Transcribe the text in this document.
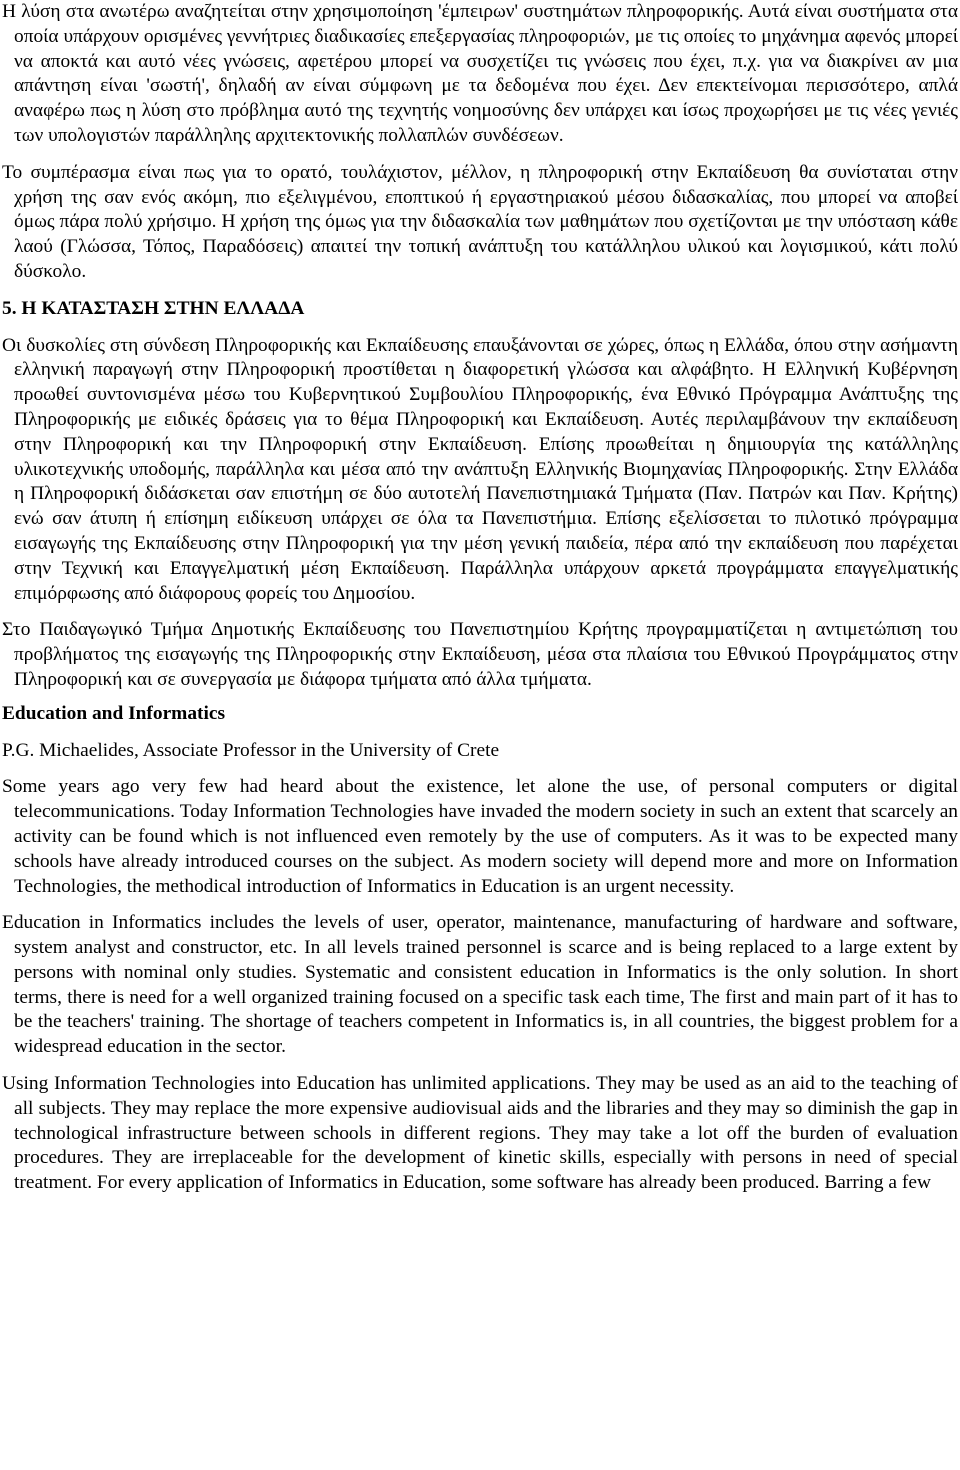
Η λύση στα ανωτέρω αναζητείται στην χρησιμοποίηση 'έμπειρων' συστημάτων πληροφορικής. Αυτά είναι συστήματα στα οποία υπάρχουν ορισμένες γεννήτριες διαδικασίες επεξεργασίας πληροφοριών, με τις οποίες το μηχάνημα αφενός μπορεί να αποκτά και αυτό νέες γνώσεις, αφετέρου μπορεί να συσχετίζει τις γνώσεις που έχει, π.χ. για να διακρίνει αν μια απάντηση είναι 'σωστή', δηλαδή αν είναι σύμφωνη με τα δεδομένα που έχει. Δεν επεκτείνομαι περισσότερο, απλά αναφέρω πως η λύση στο πρόβλημα αυτό της τεχνητής νοημοσύνης δεν υπάρχει και ίσως προχωρήσει με τις νέες γενιές των υπολογιστών παράλληλης αρχιτεκτονικής πολλαπλών συνδέσεων.

Το συμπέρασμα είναι πως για το ορατό, τουλάχιστον, μέλλον, η πληροφορική στην Εκπαίδευση θα συνίσταται στην χρήση της σαν ενός ακόμη, πιο εξελιγμένου, εποπτικού ή εργαστηριακού μέσου διδασκαλίας, που μπορεί να αποβεί όμως πάρα πολύ χρήσιμο. Η χρήση της όμως για την διδασκαλία των μαθημάτων που σχετίζονται με την υπόσταση κάθε λαού (Γλώσσα, Τόπος, Παραδόσεις) απαιτεί την τοπική ανάπτυξη του κατάλληλου υλικού και λογισμικού, κάτι πολύ δύσκολο.

5. Η ΚΑΤΑΣΤΑΣΗ ΣΤΗΝ ΕΛΛΑΔΑ

Οι δυσκολίες στη σύνδεση Πληροφορικής και Εκπαίδευσης επαυξάνονται σε χώρες, όπως η Ελλάδα, όπου στην ασήμαντη ελληνική παραγωγή στην Πληροφορική προστίθεται η διαφορετική γλώσσα και αλφάβητο. Η Ελληνική Κυβέρνηση προωθεί συντονισμένα μέσω του Κυβερνητικού Συμβουλίου Πληροφορικής, ένα Εθνικό Πρόγραμμα Ανάπτυξης της Πληροφορικής με ειδικές δράσεις για το θέμα Πληροφορική και Εκπαίδευση. Αυτές περιλαμβάνουν την εκπαίδευση στην Πληροφορική και την Πληροφορική στην Εκπαίδευση. Επίσης προωθείται η δημιουργία της κατάλληλης υλικοτεχνικής υποδομής, παράλληλα και μέσα από την ανάπτυξη Ελληνικής Βιομηχανίας Πληροφορικής. Στην Ελλάδα η Πληροφορική διδάσκεται σαν επιστήμη σε δύο αυτοτελή Πανεπιστημιακά Τμήματα (Παν. Πατρών και Παν. Κρήτης) ενώ σαν άτυπη ή επίσημη ειδίκευση υπάρχει σε όλα τα Πανεπιστήμια. Επίσης εξελίσσεται το πιλοτικό πρόγραμμα εισαγωγής της Εκπαίδευσης στην Πληροφορική για την μέση γενική παιδεία, πέρα από την εκπαίδευση που παρέχεται στην Τεχνική και Επαγγελματική μέση Εκπαίδευση. Παράλληλα υπάρχουν αρκετά προγράμματα επαγγελματικής επιμόρφωσης από διάφορους φορείς του Δημοσίου.

Στο Παιδαγωγικό Τμήμα Δημοτικής Εκπαίδευσης του Πανεπιστημίου Κρήτης προγραμματίζεται η αντιμετώπιση του προβλήματος της εισαγωγής της Πληροφορικής στην Εκπαίδευση, μέσα στα πλαίσια του Εθνικού Προγράμματος στην Πληροφορική και σε συνεργασία με διάφορα τμήματα από άλλα τμήματα.

Education and Informatics

P.G. Michaelides, Associate Professor in the University of Crete

Some years ago very few had heard about the existence, let alone the use, of personal computers or digital telecommunications. Today Information Technologies have invaded the modern society in such an extent that scarcely an activity can be found which is not influenced even remotely by the use of computers. As it was to be expected many schools have already introduced courses on the subject. As modern society will depend more and more on Information Technologies, the methodical introduction of Informatics in Education is an urgent necessity.

Education in Informatics includes the levels of user, operator, maintenance, manufacturing of hardware and software, system analyst and constructor, etc. In all levels trained personnel is scarce and is being replaced to a large extent by persons with nominal only studies. Systematic and consistent education in Informatics is the only solution. In short terms, there is need for a well organized training focused on a specific task each time, The first and main part of it has to be the teachers' training. The shortage of teachers competent in Informatics is, in all countries, the biggest problem for a widespread education in the sector.

Using Information Technologies into Education has unlimited applications. They may be used as an aid to the teaching of all subjects. They may replace the more expensive audiovisual aids and the libraries and they may so diminish the gap in technological infrastructure between schools in different regions. They may take a lot off the burden of evaluation procedures. They are irreplaceable for the development of kinetic skills, especially with persons in need of special treatment. For every application of Informatics in Education, some software has already been produced. Barring a few
